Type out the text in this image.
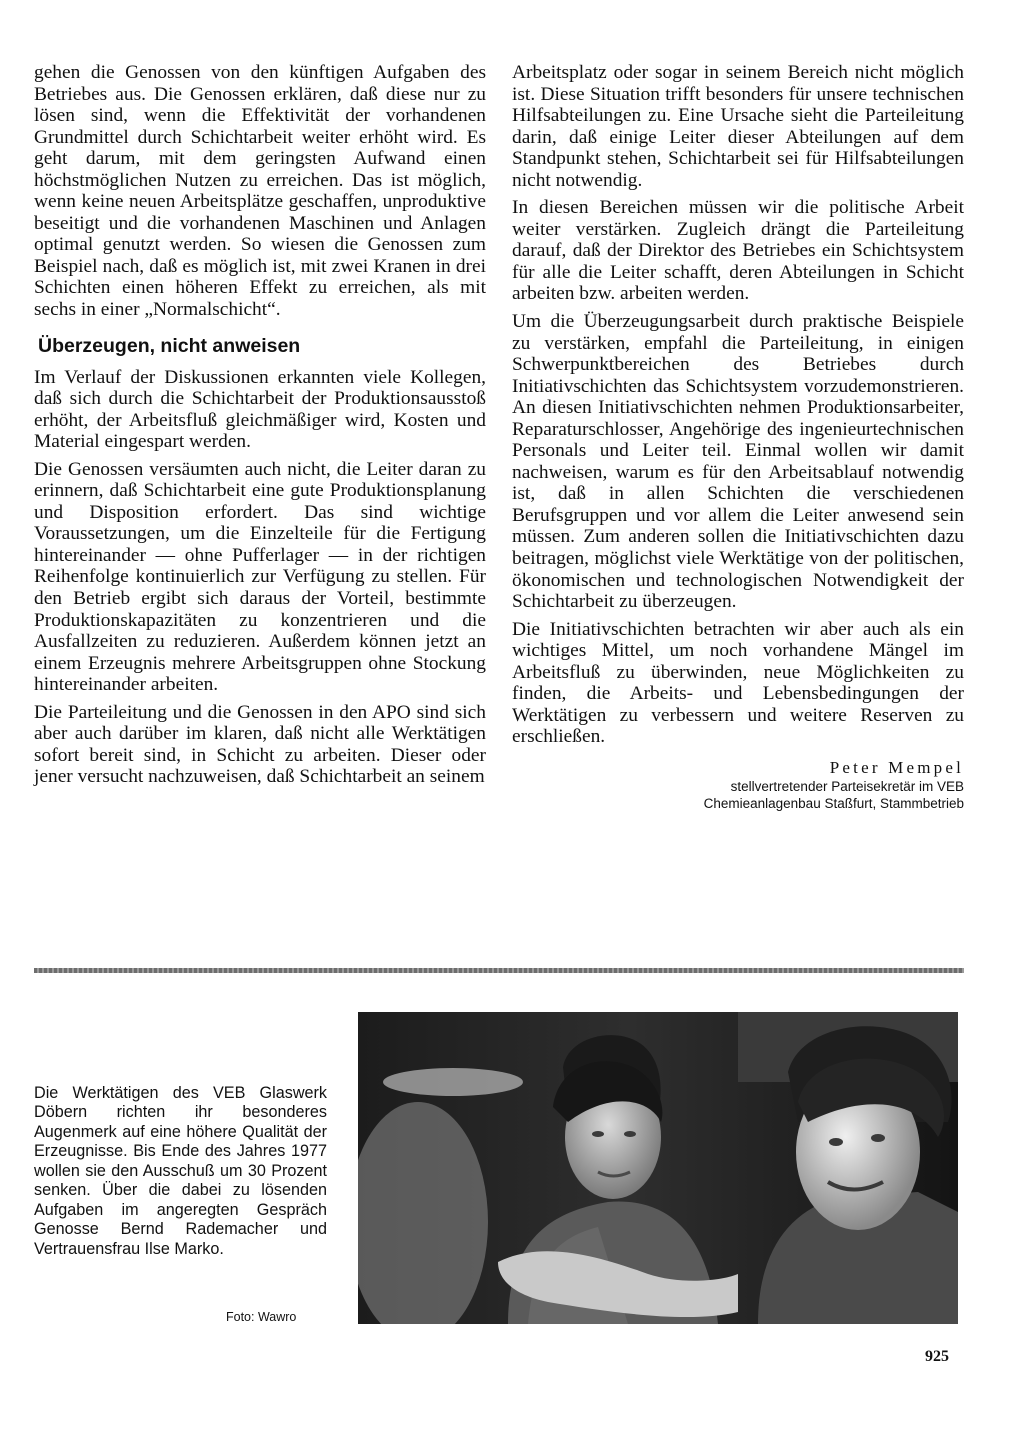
gehen die Genossen von den künftigen Aufgaben des Betriebes aus. Die Genossen erklären, daß diese nur zu lösen sind, wenn die Effektivität der vorhandenen Grundmittel durch Schichtarbeit weiter erhöht wird. Es geht darum, mit dem geringsten Aufwand einen höchstmöglichen Nutzen zu erreichen. Das ist möglich, wenn keine neuen Arbeitsplätze geschaffen, unproduktive beseitigt und die vorhandenen Maschinen und Anlagen optimal genutzt werden. So wiesen die Genossen zum Beispiel nach, daß es möglich ist, mit zwei Kranen in drei Schichten einen höheren Effekt zu erreichen, als mit sechs in einer „Normalschicht“.

Überzeugen, nicht anweisen

Im Verlauf der Diskussionen erkannten viele Kollegen, daß sich durch die Schichtarbeit der Produktionsausstoß erhöht, der Arbeitsfluß gleichmäßiger wird, Kosten und Material eingespart werden.

Die Genossen versäumten auch nicht, die Leiter daran zu erinnern, daß Schichtarbeit eine gute Produktionsplanung und Disposition erfordert. Das sind wichtige Voraussetzungen, um die Einzelteile für die Fertigung hintereinander — ohne Pufferlager — in der richtigen Reihenfolge kontinuierlich zur Verfügung zu stellen. Für den Betrieb ergibt sich daraus der Vorteil, bestimmte Produktionskapazitäten zu konzentrieren und die Ausfallzeiten zu reduzieren. Außerdem können jetzt an einem Erzeugnis mehrere Arbeitsgruppen ohne Stockung hintereinander arbeiten.

Die Parteileitung und die Genossen in den APO sind sich aber auch darüber im klaren, daß nicht alle Werktätigen sofort bereit sind, in Schicht zu arbeiten. Dieser oder jener versucht nachzuweisen, daß Schichtarbeit an seinem

Arbeitsplatz oder sogar in seinem Bereich nicht möglich ist. Diese Situation trifft besonders für unsere technischen Hilfsabteilungen zu. Eine Ursache sieht die Parteileitung darin, daß einige Leiter dieser Abteilungen auf dem Standpunkt stehen, Schichtarbeit sei für Hilfsabteilungen nicht notwendig.

In diesen Bereichen müssen wir die politische Arbeit weiter verstärken. Zugleich drängt die Parteileitung darauf, daß der Direktor des Betriebes ein Schichtsystem für alle die Leiter schafft, deren Abteilungen in Schicht arbeiten bzw. arbeiten werden.

Um die Überzeugungsarbeit durch praktische Beispiele zu verstärken, empfahl die Parteileitung, in einigen Schwerpunktbereichen des Betriebes durch Initiativschichten das Schichtsystem vorzudemonstrieren. An diesen Initiativschichten nehmen Produktionsarbeiter, Reparaturschlosser, Angehörige des ingenieurtechnischen Personals und Leiter teil. Einmal wollen wir damit nachweisen, warum es für den Arbeitsablauf notwendig ist, daß in allen Schichten die verschiedenen Berufsgruppen und vor allem die Leiter anwesend sein müssen. Zum anderen sollen die Initiativschichten dazu beitragen, möglichst viele Werktätige von der politischen, ökonomischen und technologischen Notwendigkeit der Schichtarbeit zu überzeugen.

Die Initiativschichten betrachten wir aber auch als ein wichtiges Mittel, um noch vorhandene Mängel im Arbeitsfluß zu überwinden, neue Möglichkeiten zu finden, die Arbeits- und Lebensbedingungen der Werktätigen zu verbessern und weitere Reserven zu erschließen.

Peter Mempel
stellvertretender Parteisekretär im VEB
Chemieanlagenbau Staßfurt, Stammbetrieb
Die Werktätigen des VEB Glaswerk Döbern richten ihr besonderes Augenmerk auf eine höhere Qualität der Erzeugnisse. Bis Ende des Jahres 1977 wollen sie den Ausschuß um 30 Prozent senken. Über die dabei zu lösenden Aufgaben im angeregten Gespräch Genosse Bernd Rademacher und Vertrauensfrau Ilse Marko.
Foto: Wawro
925
